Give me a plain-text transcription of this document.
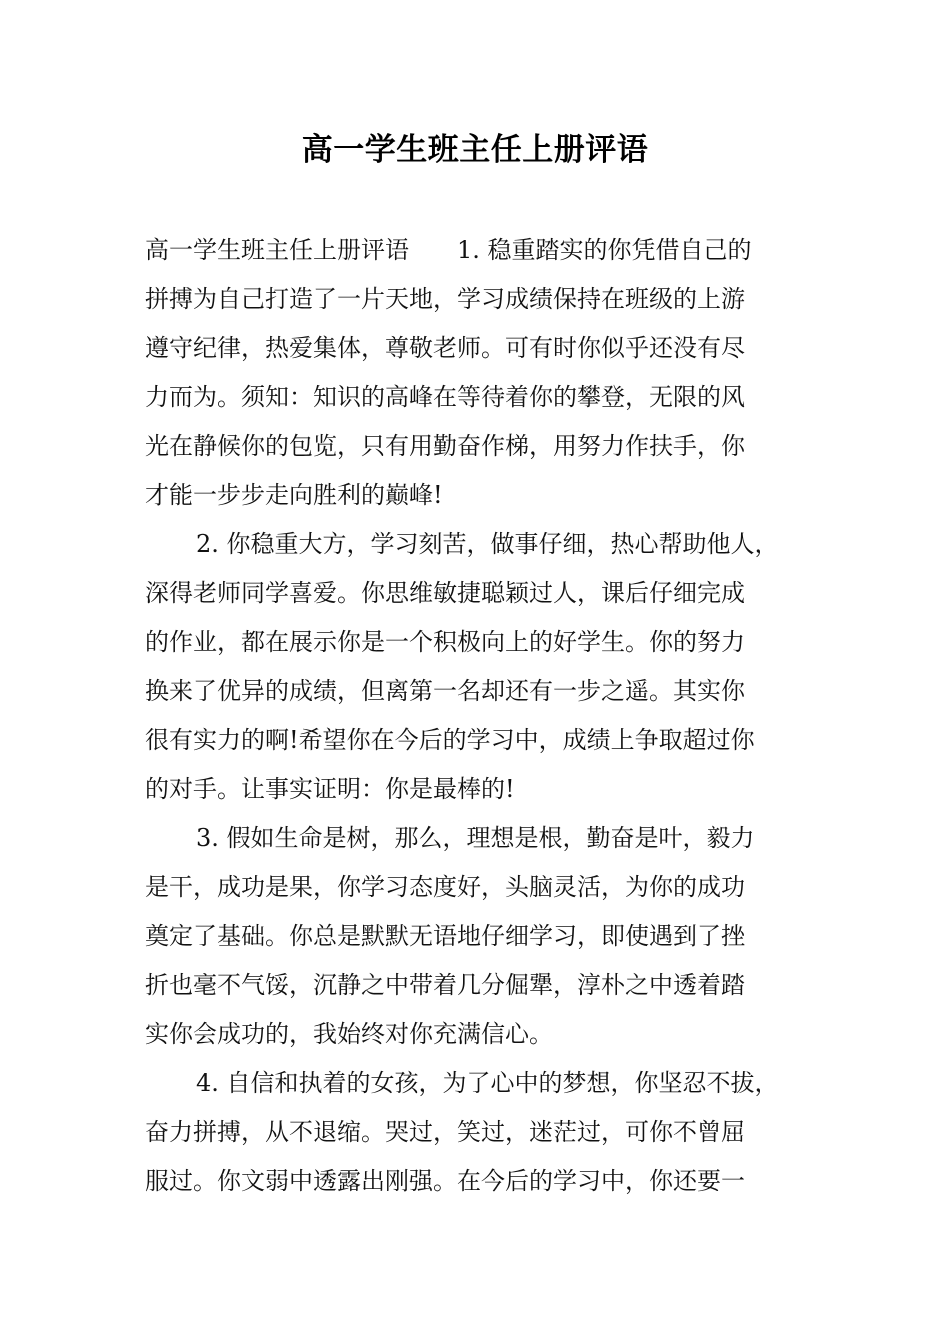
高一学生班主任上册评语
高一学生班主任上册评语　　1. 稳重踏实的你凭借自己的
拼搏为自己打造了一片天地，学习成绩保持在班级的上游
遵守纪律，热爱集体，尊敬老师。可有时你似乎还没有尽
力而为。须知：知识的高峰在等待着你的攀登，无限的风
光在静候你的包览，只有用勤奋作梯，用努力作扶手，你
才能一步步走向胜利的巅峰!
2. 你稳重大方，学习刻苦，做事仔细，热心帮助他人，
深得老师同学喜爱。你思维敏捷聪颖过人，课后仔细完成
的作业，都在展示你是一个积极向上的好学生。你的努力
换来了优异的成绩，但离第一名却还有一步之遥。其实你
很有实力的啊!希望你在今后的学习中，成绩上争取超过你
的对手。让事实证明：你是最棒的!
3. 假如生命是树，那么，理想是根，勤奋是叶，毅力
是干，成功是果，你学习态度好，头脑灵活，为你的成功
奠定了基础。你总是默默无语地仔细学习，即使遇到了挫
折也毫不气馁，沉静之中带着几分倔犟，淳朴之中透着踏
实你会成功的，我始终对你充满信心。
4. 自信和执着的女孩，为了心中的梦想，你坚忍不拔，
奋力拼搏，从不退缩。哭过，笑过，迷茫过，可你不曾屈
服过。你文弱中透露出刚强。在今后的学习中，你还要一
